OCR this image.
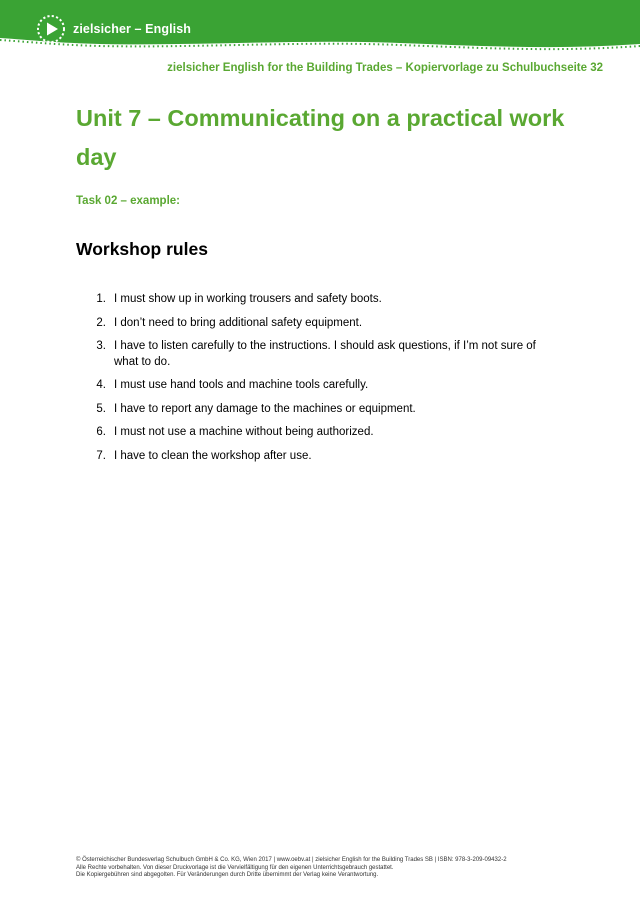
zielsicher – English
zielsicher English for the Building Trades – Kopiervorlage zu Schulbuchseite 32
Unit 7 – Communicating on a practical work day
Task 02 – example:
Workshop rules
1. I must show up in working trousers and safety boots.
2. I don’t need to bring additional safety equipment.
3. I have to listen carefully to the instructions. I should ask questions, if I’m not sure of what to do.
4. I must use hand tools and machine tools carefully.
5. I have to report any damage to the machines or equipment.
6. I must not use a machine without being authorized.
7. I have to clean the workshop after use.
© Österreichischer Bundesverlag Schulbuch GmbH & Co. KG, Wien 2017 | www.oebv.at | zielsicher English for the Building Trades SB | ISBN: 978-3-209-09432-2
Alle Rechte vorbehalten. Von dieser Druckvorlage ist die Vervielfältigung für den eigenen Unterrichtsgebrauch gestattet.
Die Kopiergebühren sind abgegolten. Für Veränderungen durch Dritte übernimmt der Verlag keine Verantwortung.
